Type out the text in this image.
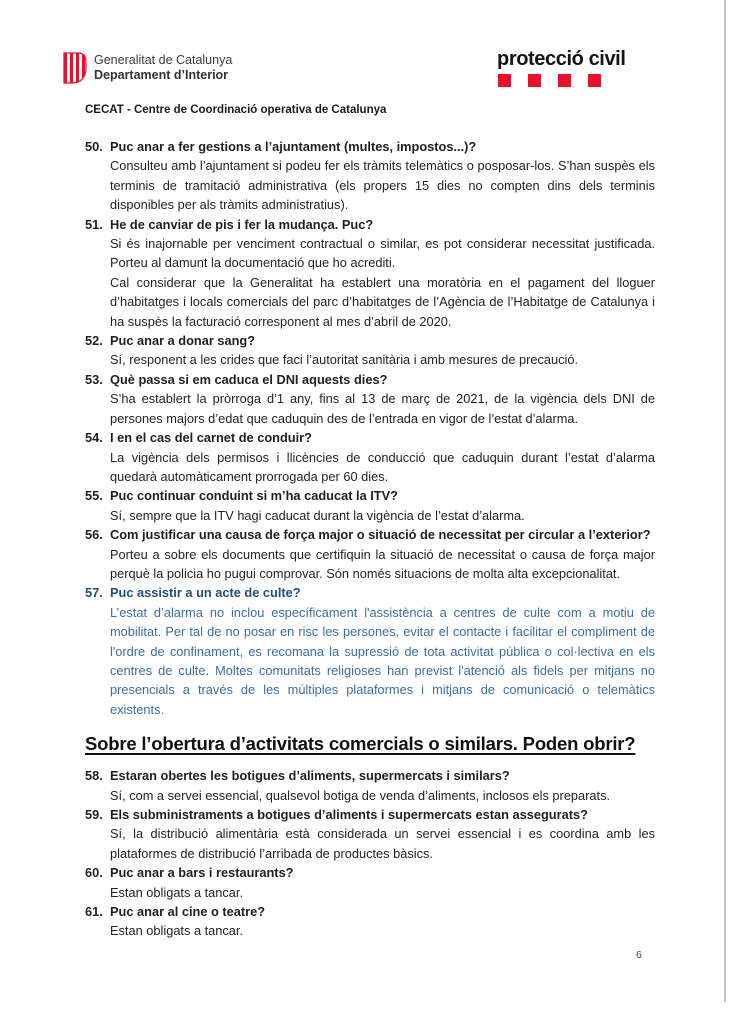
Generalitat de Catalunya
Departament d’Interior
protecció civil
CECAT - Centre de Coordinació operativa de Catalunya
50. Puc anar a fer gestions a l’ajuntament (multes, impostos...)?

Consulteu amb l’ajuntament si podeu fer els tràmits telemàtics o posposar-los. S’han suspès els terminis de tramitació administrativa (els propers 15 dies no compten dins dels terminis disponibles per als tràmits administratius).

51. He de canviar de pis i fer la mudança. Puc?

Si és inajornable per venciment contractual o similar, es pot considerar necessitat justificada. Porteu al damunt la documentació que ho acrediti.

Cal considerar que la Generalitat ha establert una moratòria en el pagament del lloguer d’habitatges i locals comercials del parc d’habitatges de l’Agència de l’Habitatge de Catalunya i ha suspès la facturació corresponent al mes d’abril de 2020.

52. Puc anar a donar sang?

Sí, responent a les crides que faci l’autoritat sanitària i amb mesures de precaució.

53. Què passa si em caduca el DNI aquests dies?

S’ha establert la pròrroga d’1 any, fins al 13 de març de 2021, de la vigència dels DNI de persones majors d’edat que caduquin des de l’entrada en vigor de l’estat d’alarma.

54. I en el cas del carnet de conduir?

La vigència dels permisos i llicències de conducció que caduquin durant l’estat d’alarma quedarà automàticament prorrogada per 60 dies.

55. Puc continuar conduint si m’ha caducat la ITV?

Sí, sempre que la ITV hagi caducat durant la vigència de l’estat d’alarma.

56. Com justificar una causa de força major o situació de necessitat per circular a l’exterior?

Porteu a sobre els documents que certifiquin la situació de necessitat o causa de força major perquè la policia ho pugui comprovar. Són només situacions de molta alta excepcionalitat.

57. Puc assistir a un acte de culte?

L’estat d’alarma no inclou específicament l'assistència a centres de culte com a motiu de mobilitat. Per tal de no posar en risc les persones, evitar el contacte i facilitar el compliment de l'ordre de confinament, es recomana la supressió de tota activitat pública o col·lectiva en els centres de culte. Moltes comunitats religioses han previst l'atenció als fidels per mitjans no presencials a través de les múltiples plataformes i mitjans de comunicació o telemàtics existents.

Sobre l’obertura d’activitats comercials o similars. Poden obrir?
58. Estaran obertes les botigues d’aliments, supermercats i similars?

Sí, com a servei essencial, qualsevol botiga de venda d’aliments, inclosos els preparats.

59. Els subministraments a botigues d’aliments i supermercats estan assegurats?

Sí, la distribució alimentària està considerada un servei essencial i es coordina amb les plataformes de distribució l’arribada de productes bàsics.

60. Puc anar a bars i restaurants?

Estan obligats a tancar.

61. Puc anar al cine o teatre?

Estan obligats a tancar.

6
